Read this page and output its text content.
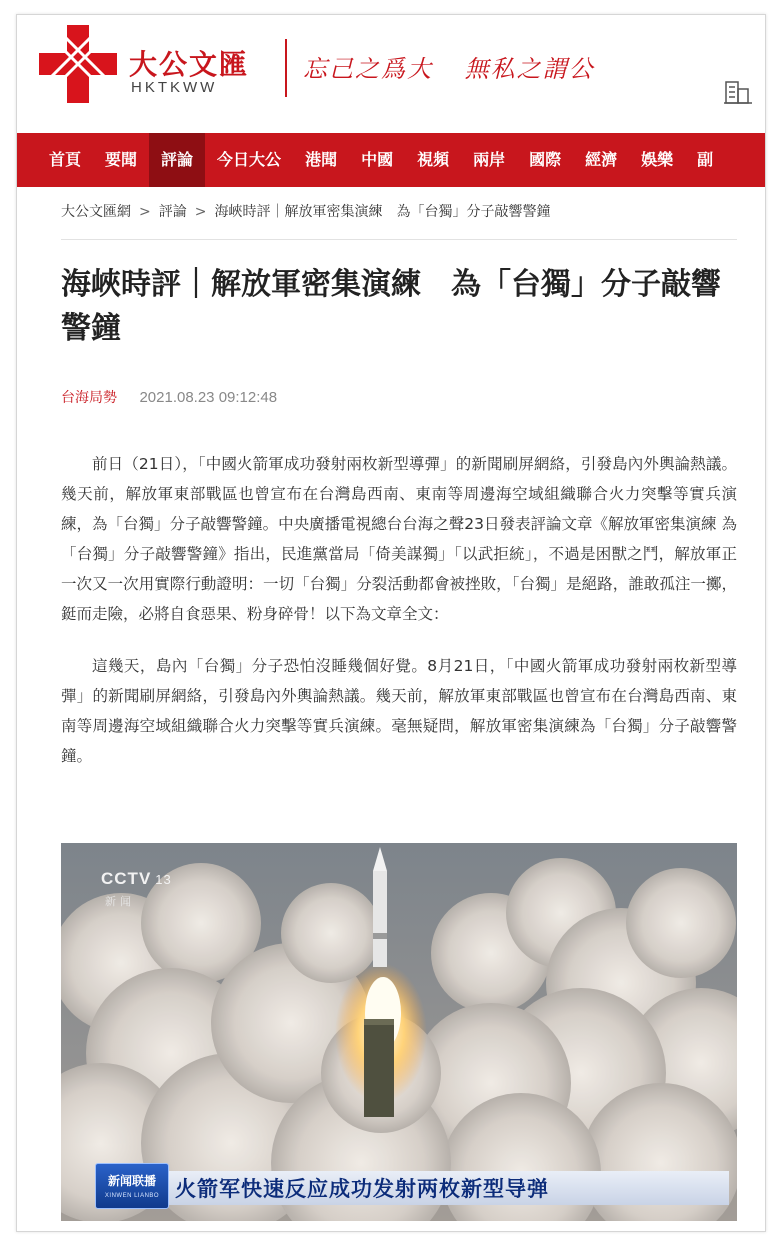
大公文匯
HKTKWW
忘己之爲大 無私之謂公
首頁	要聞	評論	今日大公	港聞	中國	視頻	兩岸	國際	經濟	娛樂	副
大公文匯網 > 評論 > 海峽時評｜解放軍密集演練　為「台獨」分子敲響警鐘
海峽時評｜解放軍密集演練　為「台獨」分子敲響警鐘
台海局勢 2021.08.23 09:12:48

前日（21日），「中國火箭軍成功發射兩枚新型導彈」的新聞刷屏網絡，引發島內外輿論熱議。幾天前，解放軍東部戰區也曾宣布在台灣島西南、東南等周邊海空域組織聯合火力突擊等實兵演練，為「台獨」分子敲響警鐘。中央廣播電視總台台海之聲23日發表評論文章《解放軍密集演練 為「台獨」分子敲響警鐘》指出，民進黨當局「倚美謀獨」「以武拒統」，不過是困獸之鬥，解放軍正一次又一次用實際行動證明：一切「台獨」分裂活動都會被挫敗，「台獨」是絕路，誰敢孤注一擲，鋌而走險，必將自食惡果、粉身碎骨！以下為文章全文：

這幾天，島內「台獨」分子恐怕沒睡幾個好覺。8月21日，「中國火箭軍成功發射兩枚新型導彈」的新聞刷屏網絡，引發島內外輿論熱議。幾天前，解放軍東部戰區也曾宣布在台灣島西南、東南等周邊海空域組織聯合火力突擊等實兵演練。毫無疑問，解放軍密集演練為「台獨」分子敲響警鐘。

CCTV 13
新闻
新闻联播
XINWEN LIANBO 火箭军快速反应成功发射两枚新型导弹
